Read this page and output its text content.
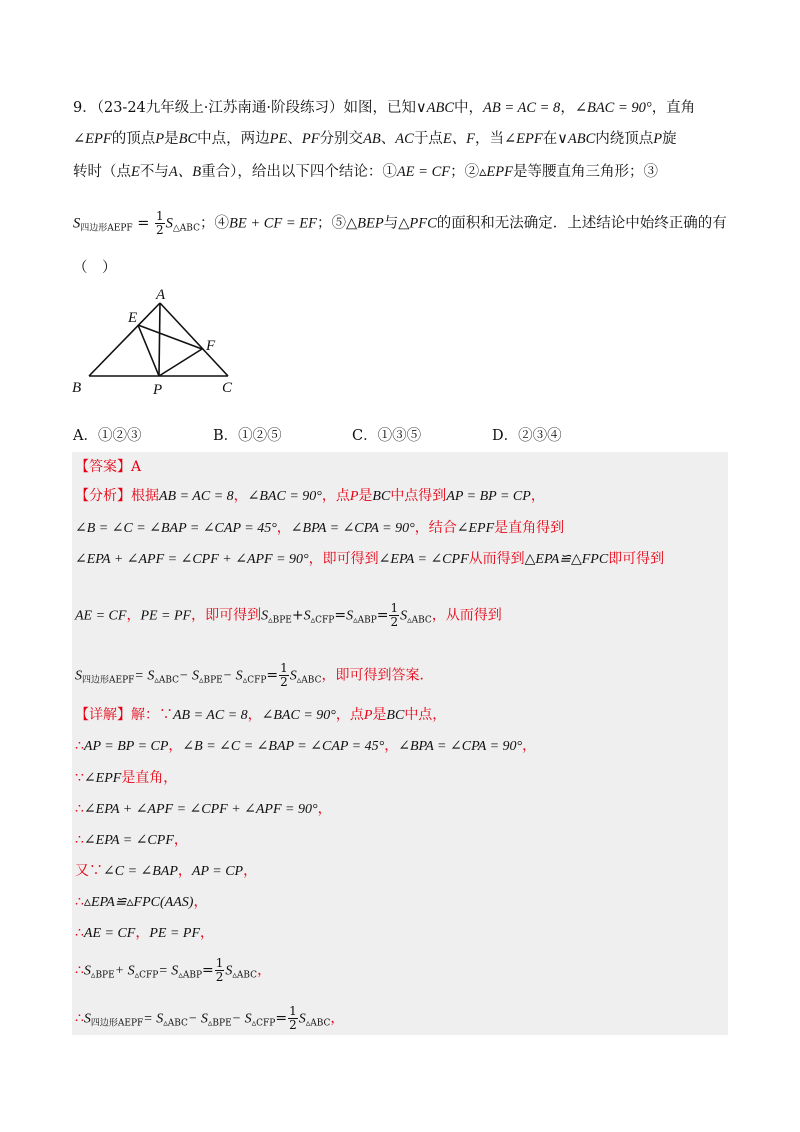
9．（23-24九年级上·江苏南通·阶段练习）如图，已知∨ABC中，AB = AC = 8，∠BAC = 90°，直角
∠EPF的顶点P是BC中点，两边PE、PF分别交AB、AC于点E、F，当∠EPF在∨ABC内绕顶点P旋
转时（点E不与A、B重合），给出以下四个结论：①AE = CF；②▵EPF是等腰直角三角形；③
$S_{四边形AEPF} = \frac{1}{2} S_{\triangle ABC}$；④BE + CF = EF；⑤△BEP与△PFC的面积和无法确定．上述结论中始终正确的有
（　）
A
B	C
E
F
P
A．①②③	B．①②⑤	C．①③⑤	D．②③④
【答案】A
【分析】根据AB = AC = 8，∠BAC = 90°，点P是BC中点得到AP = BP = CP，
∠B = ∠C = ∠BAP = ∠CAP = 45°，∠BPA = ∠CPA = 90°，结合∠EPF是直角得到
∠EPA + ∠APF = ∠CPF + ∠APF = 90°，即可得到∠EPA = ∠CPF从而得到△EPA≌△FPC即可得到
AE = CF，PE = PF，即可得到$S_{▵BPE}+S_{▵CFP}=S_{▵ABP}= \frac{1}{2} S_{▵ABC}$，从而得到
$S_{四边形AEPF}= S_{▵ABC}- S_{▵BPE}- S_{▵CFP}= \frac{1}{2} S_{▵ABC}$，即可得到答案．
【详解】解：∵AB = AC = 8，∠BAC = 90°，点P是BC中点，
∴AP = BP = CP，∠B = ∠C = ∠BAP = ∠CAP = 45°，∠BPA = ∠CPA = 90°，
∵∠EPF是直角，
∴∠EPA + ∠APF = ∠CPF + ∠APF = 90°，
∴∠EPA = ∠CPF，
又∵∠C = ∠BAP，AP = CP，
∴▵EPA≌▵FPC(AAS)，
∴AE = CF，PE = PF，
$\therefore S_{▵BPE}+ S_{▵CFP}= S_{▵ABP}= \frac{1}{2} S_{▵ABC}$，
$\therefore S_{四边形AEPF}= S_{▵ABC}- S_{▵BPE}- S_{▵CFP}= \frac{1}{2} S_{▵ABC}$，
